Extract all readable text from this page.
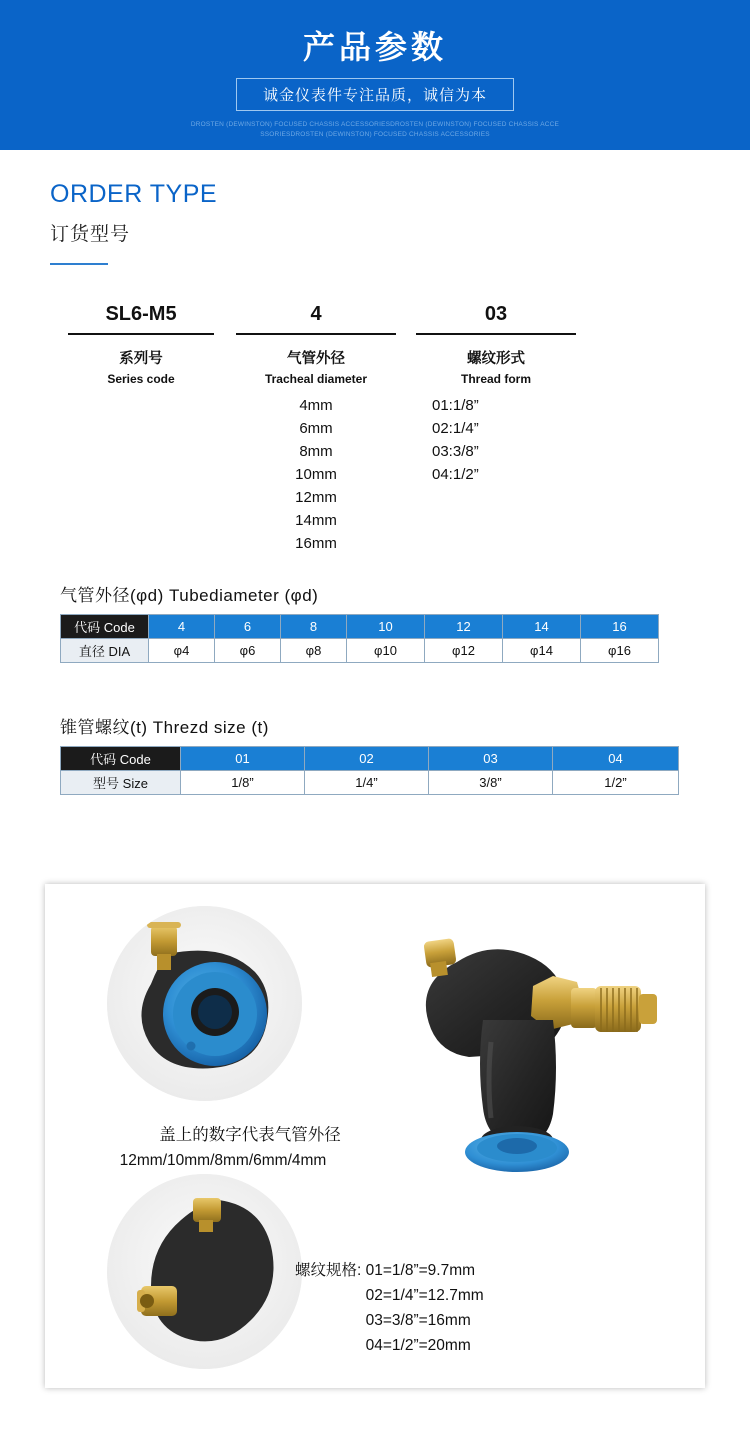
产品参数
诚金仪表件专注品质，诚信为本
DROSTEN (DEWINSTON) FOCUSED CHASSIS ACCESSORIESDROSTEN (DEWINSTON) FOCUSED CHASSIS ACCE
SSORIESDROSTEN (DEWINSTON) FOCUSED CHASSIS ACCESSORIES
ORDER TYPE
订货型号
SL6-M5
系列号
Series code
4
气管外径
Tracheal diameter
4mm
6mm
8mm
10mm
12mm
14mm
16mm
03
螺纹形式
Thread form
01:1/8”
02:1/4”
03:3/8”
04:1/2”
气管外径(φd) Tubediameter (φd)
代码 Code	4	6	8	10	12	14	16
直径 DIA	φ4	φ6	φ8	φ10	φ12	φ14	φ16
锥管螺纹(t) Threzd size (t)
代码 Code	01	02	03	04
型号 Size	1/8”	1/4”	3/8”	1/2”
盖上的数字代表气管外径
12mm/10mm/8mm/6mm/4mm
螺纹规格: 01=1/8”=9.7mm
02=1/4”=12.7mm
03=3/8”=16mm
04=1/2”=20mm
